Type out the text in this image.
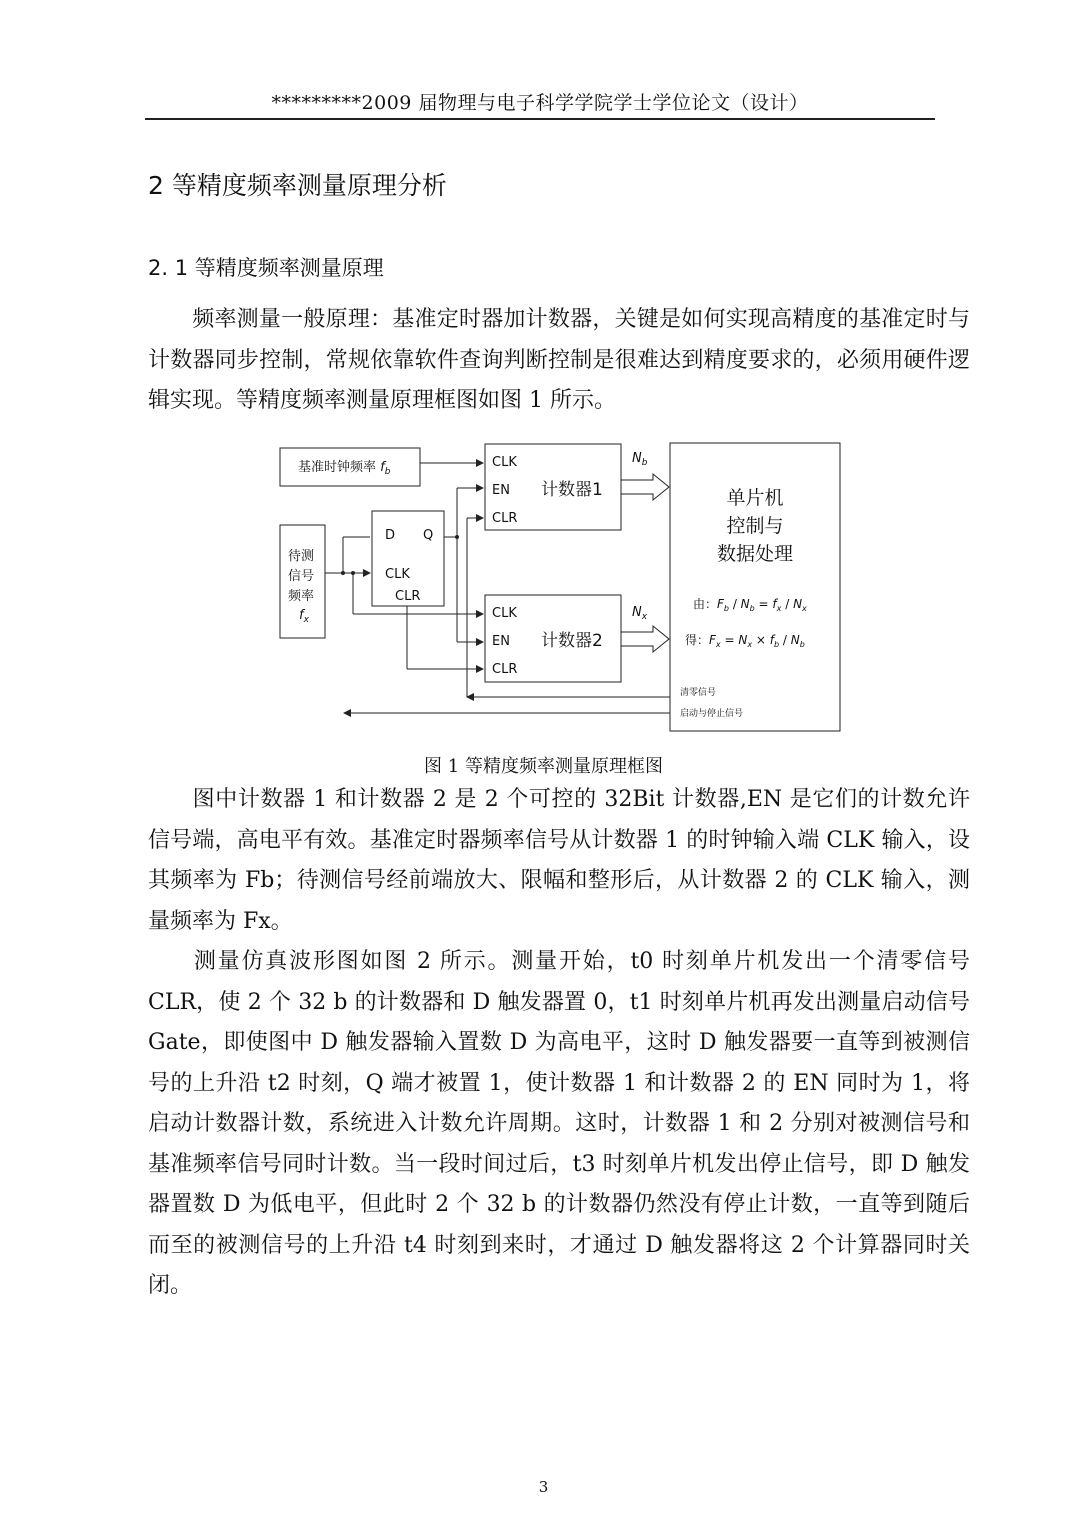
*********2009 届物理与电子科学学院学士学位论文（设计）
2 等精度频率测量原理分析
2. 1 等精度频率测量原理

频率测量一般原理：基准定时器加计数器，关键是如何实现高精度的基准定时与计数器同步控制，常规依靠软件查询判断控制是很难达到精度要求的，必须用硬件逻辑实现。等精度频率测量原理框图如图 1 所示。

基准时钟频率 $f_b$
待测
信号
频率
$f_x$
D Q
CLK
CLR
CLK
EN
CLR
计数器1
CLK
EN
CLR
计数器2
$N_b$
$N_x$
单片机
控制与
数据处理
由：$F_b / N_b = f_x / N_x$
得：$F_x = N_x \times f_b / N_b$
清零信号
启动与停止信号
图 1 等精度频率测量原理框图

图中计数器 1 和计数器 2 是 2 个可控的 32Bit 计数器,EN 是它们的计数允许信号端，高电平有效。基准定时器频率信号从计数器 1 的时钟输入端 CLK 输入，设其频率为 Fb；待测信号经前端放大、限幅和整形后，从计数器 2 的 CLK 输入，测量频率为 Fx。

测量仿真波形图如图 2 所示。测量开始，t0 时刻单片机发出一个清零信号 CLR，使 2 个 32 b 的计数器和 D 触发器置 0，t1 时刻单片机再发出测量启动信号 Gate，即使图中 D 触发器输入置数 D 为高电平，这时 D 触发器要一直等到被测信号的上升沿 t2 时刻，Q 端才被置 1，使计数器 1 和计数器 2 的 EN 同时为 1，将启动计数器计数，系统进入计数允许周期。这时，计数器 1 和 2 分别对被测信号和基准频率信号同时计数。当一段时间过后，t3 时刻单片机发出停止信号，即 D 触发器置数 D 为低电平，但此时 2 个 32 b 的计数器仍然没有停止计数，一直等到随后而至的被测信号的上升沿 t4 时刻到来时，才通过 D 触发器将这 2 个计算器同时关闭。

3
